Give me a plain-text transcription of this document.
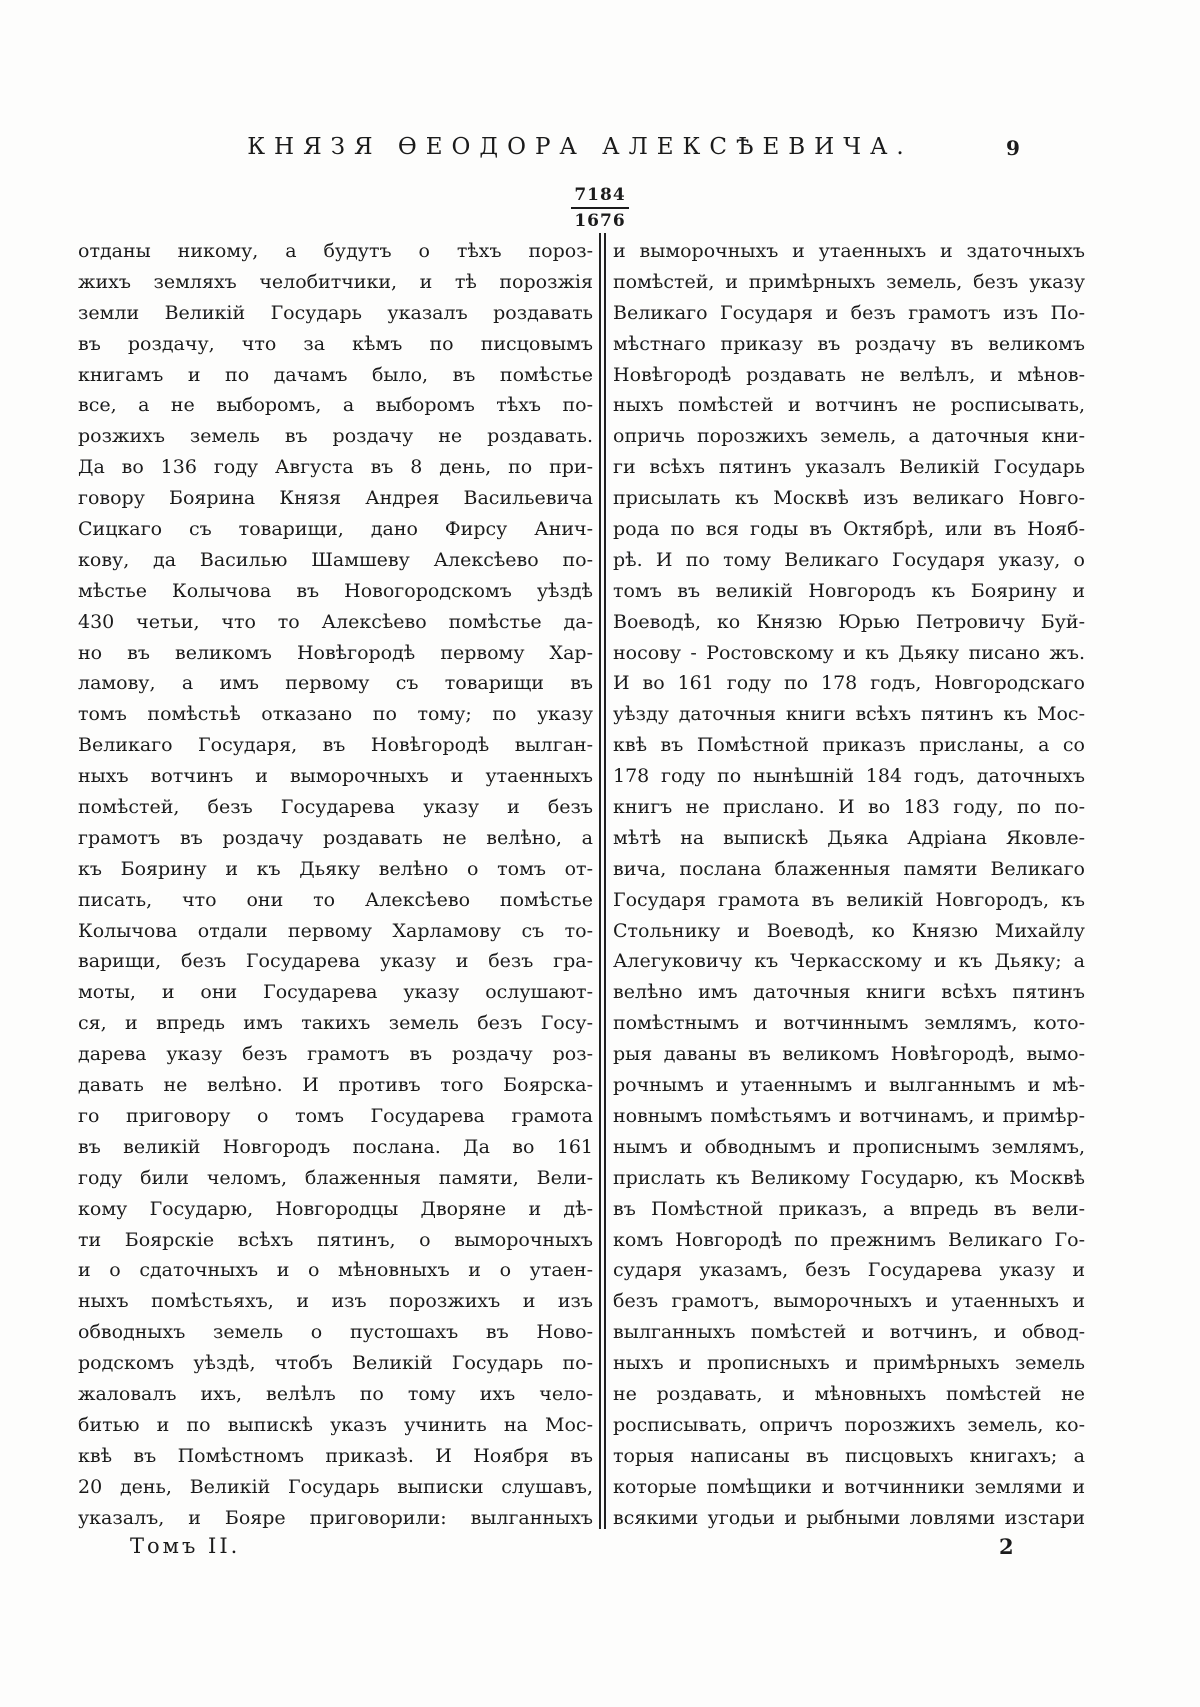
КНЯЗЯ ѲЕОДОРА АЛЕКСѢЕВИЧА.	9
$\frac{7184}{1676}$
отданы никому, а будутъ о тѣхъ пороз-
жихъ земляхъ челобитчики, и тѣ порозжія
земли Великій Государь указалъ роздавать
въ роздачу, что за кѣмъ по писцовымъ
книгамъ и по дачамъ было, въ помѣстье
все, а не выборомъ, а выборомъ тѣхъ по-
розжихъ земель въ роздачу не роздавать.
Да во 136 году Августа въ 8 день, по при-
говору Боярина Князя Андрея Васильевича
Сицкаго съ товарищи, дано Фирсу Анич-
кову, да Василью Шамшеву Алексѣево по-
мѣстье Колычова въ Новогородскомъ уѣздѣ
430 четьи, что то Алексѣево помѣстье да-
но въ великомъ Новѣгородѣ первому Хар-
ламову, а имъ первому съ товарищи въ
томъ помѣстьѣ отказано по тому; по указу
Великаго Государя, въ Новѣгородѣ вылган-
ныхъ вотчинъ и выморочныхъ и утаенныхъ
помѣстей, безъ Государева указу и безъ
грамотъ въ роздачу роздавать не велѣно, а
къ Боярину и къ Дьяку велѣно о томъ от-
писать, что они то Алексѣево помѣстье
Колычова отдали первому Харламову съ то-
варищи, безъ Государева указу и безъ гра-
моты, и они Государева указу ослушают-
ся, и впредь имъ такихъ земель безъ Госу-
дарева указу безъ грамотъ въ роздачу роз-
давать не велѣно. И противъ того Боярска-
го приговору о томъ Государева грамота
въ великій Новгородъ послана. Да во 161
году били челомъ, блаженныя памяти, Вели-
кому Государю, Новгородцы Дворяне и дѣ-
ти Боярскіе всѣхъ пятинъ, о выморочныхъ
и о сдаточныхъ и о мѣновныхъ и о утаен-
ныхъ помѣстьяхъ, и изъ порозжихъ и изъ
обводныхъ земель о пустошахъ въ Ново-
родскомъ уѣздѣ, чтобъ Великій Государь по-
жаловалъ ихъ, велѣлъ по тому ихъ чело-
битью и по выпискѣ указъ учинить на Мос-
квѣ въ Помѣстномъ приказѣ. И Ноября въ
20 день, Великій Государь выписки слушавъ,
указалъ, и Бояре приговорили: вылганныхъ
и выморочныхъ и утаенныхъ и здаточныхъ
помѣстей, и примѣрныхъ земель, безъ указу
Великаго Государя и безъ грамотъ изъ По-
мѣстнаго приказу въ роздачу въ великомъ
Новѣгородѣ роздавать не велѣлъ, и мѣнов-
ныхъ помѣстей и вотчинъ не росписывать,
опричь порозжихъ земель, а даточныя кни-
ги всѣхъ пятинъ указалъ Великій Государь
присылать къ Москвѣ изъ великаго Новго-
рода по вся годы въ Октябрѣ, или въ Нояб-
рѣ. И по тому Великаго Государя указу, о
томъ въ великій Новгородъ къ Боярину и
Воеводѣ, ко Князю Юрью Петровичу Буй-
носову - Ростовскому и къ Дьяку писано жъ.
И во 161 году по 178 годъ, Новгородскаго
уѣзду даточныя книги всѣхъ пятинъ къ Мос-
квѣ въ Помѣстной приказъ присланы, а со
178 году по нынѣшній 184 годъ, даточныхъ
книгъ не прислано. И во 183 году, по по-
мѣтѣ на выпискѣ Дьяка Адріана Яковле-
вича, послана блаженныя памяти Великаго
Государя грамота въ великій Новгородъ, къ
Стольнику и Воеводѣ, ко Князю Михайлу
Алегуковичу къ Черкасскому и къ Дьяку; а
велѣно имъ даточныя книги всѣхъ пятинъ
помѣстнымъ и вотчиннымъ землямъ, кото-
рыя даваны въ великомъ Новѣгородѣ, вымо-
рочнымъ и утаеннымъ и вылганнымъ и мѣ-
новнымъ помѣстьямъ и вотчинамъ, и примѣр-
нымъ и обводнымъ и прописнымъ землямъ,
прислать къ Великому Государю, къ Москвѣ
въ Помѣстной приказъ, а впредь въ вели-
комъ Новгородѣ по прежнимъ Великаго Го-
сударя указамъ, безъ Государева указу и
безъ грамотъ, выморочныхъ и утаенныхъ и
вылганныхъ помѣстей и вотчинъ, и обвод-
ныхъ и прописныхъ и примѣрныхъ земель
не роздавать, и мѣновныхъ помѣстей не
росписывать, опричъ порозжихъ земель, ко-
торыя написаны въ писцовыхъ книгахъ; а
которые помѣщики и вотчинники землями и
всякими угодьи и рыбными ловлями изстари
Томъ II.	2
